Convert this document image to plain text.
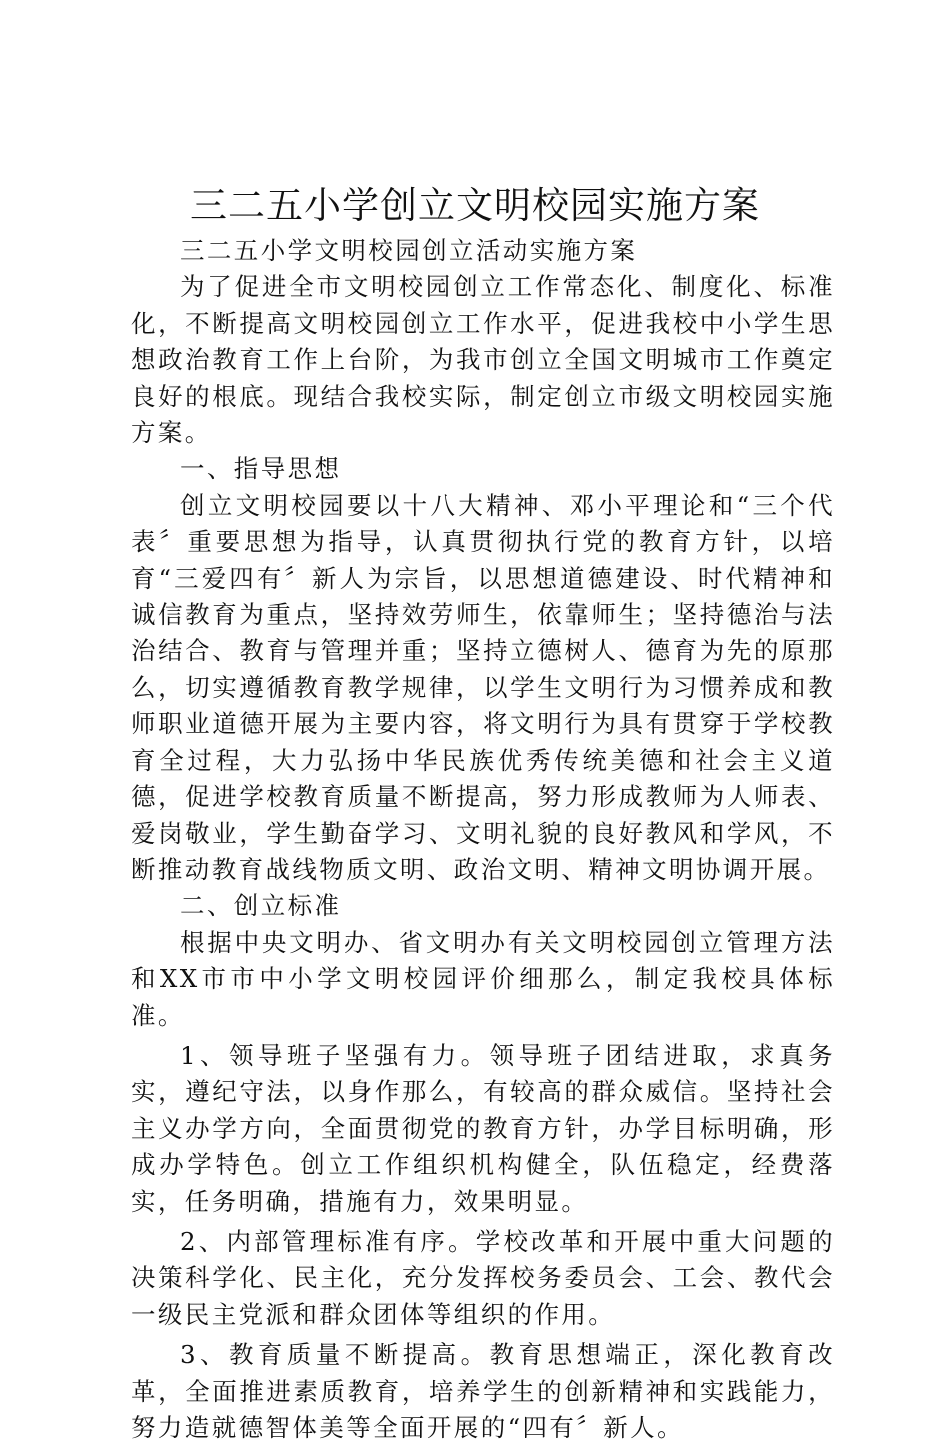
三二五小学创立文明校园实施方案

三二五小学文明校园创立活动实施方案

为了促进全市文明校园创立工作常态化、制度化、标准化，不断提高文明校园创立工作水平，促进我校中小学生思想政治教育工作上台阶，为我市创立全国文明城市工作奠定良好的根底。现结合我校实际，制定创立市级文明校园实施方案。

一、指导思想

创立文明校园要以十八大精神、邓小平理论和“三个代表〞重要思想为指导，认真贯彻执行党的教育方针，以培育“三爱四有〞新人为宗旨，以思想道德建设、时代精神和诚信教育为重点，坚持效劳师生，依靠师生；坚持德治与法治结合、教育与管理并重；坚持立德树人、德育为先的原那么，切实遵循教育教学规律，以学生文明行为习惯养成和教师职业道德开展为主要内容，将文明行为具有贯穿于学校教育全过程，大力弘扬中华民族优秀传统美德和社会主义道德，促进学校教育质量不断提高，努力形成教师为人师表、爱岗敬业，学生勤奋学习、文明礼貌的良好教风和学风，不断推动教育战线物质文明、政治文明、精神文明协调开展。

二、创立标准

根据中央文明办、省文明办有关文明校园创立管理方法和XX市市中小学文明校园评价细那么，制定我校具体标准。

1、领导班子坚强有力。领导班子团结进取，求真务实，遵纪守法，以身作那么，有较高的群众威信。坚持社会主义办学方向，全面贯彻党的教育方针，办学目标明确，形成办学特色。创立工作组织机构健全，队伍稳定，经费落实，任务明确，措施有力，效果明显。

2、内部管理标准有序。学校改革和开展中重大问题的决策科学化、民主化，充分发挥校务委员会、工会、教代会一级民主党派和群众团体等组织的作用。

3、教育质量不断提高。教育思想端正，深化教育改革，全面推进素质教育，培养学生的创新精神和实践能力，努力造就德智体美等全面开展的“四有〞新人。
